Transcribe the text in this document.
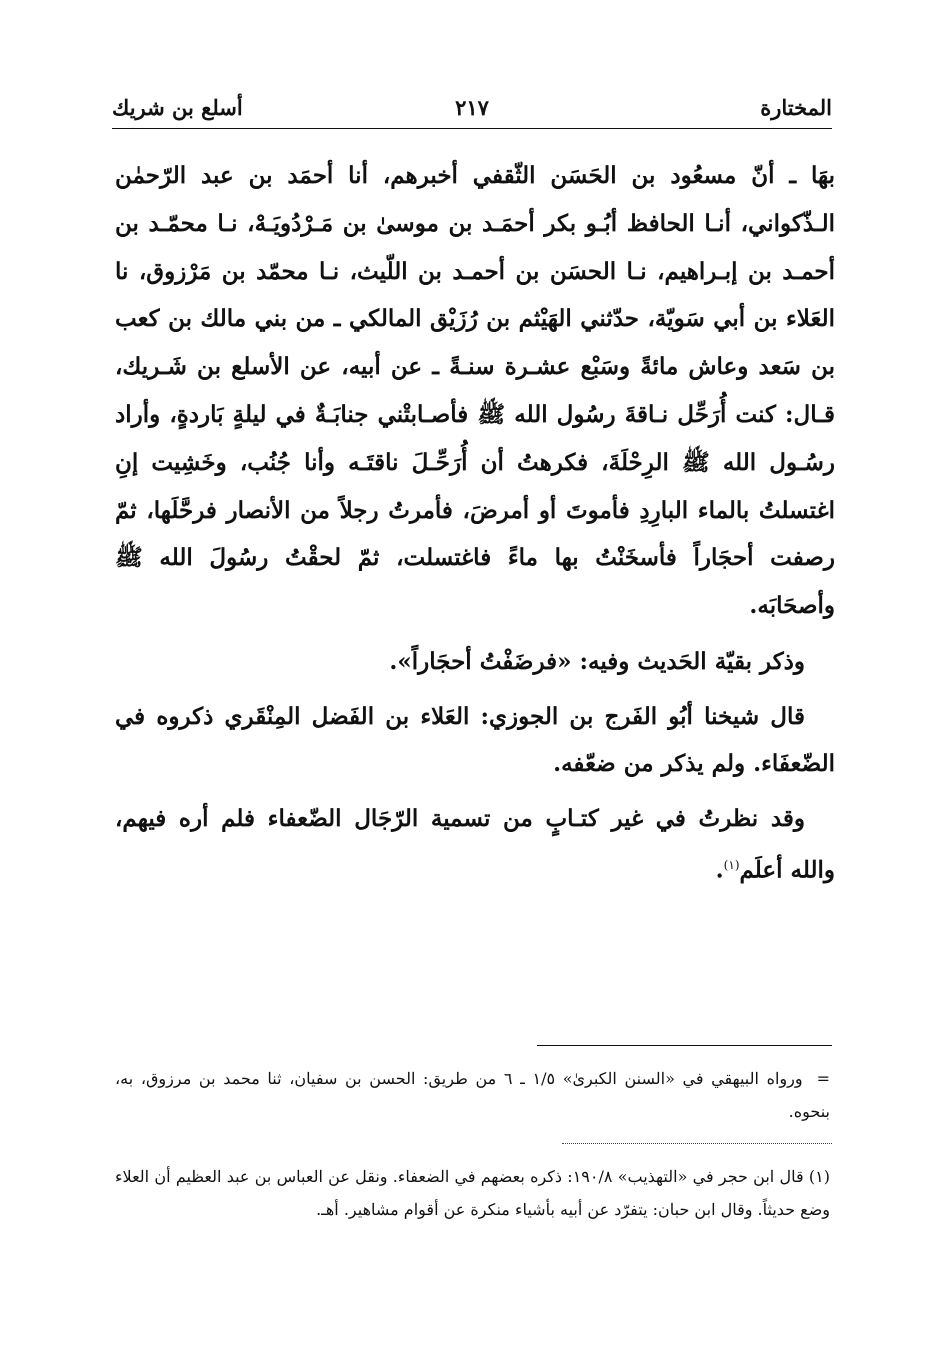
المختارة
٢١٧
أسلع بن شريك

بهَا ـ أنّ مسعُود بن الحَسَن الثّقفي أخبرهم، أنا أحمَد بن عبد الرّحمٰن الـذّكواني، أنـا الحافظ أبُـو بكر أحمَـد بن موسىٰ بن مَـرْدُويَـهْ، نـا محمّـد بن أحمـد بن إبـراهيم، نـا الحسَن بن أحمـد بن اللّيث، نـا محمّد بن مَرْزوق، نا العَلاء بن أبي سَويّة، حدّثني الهَيْثم بن رُزَيْق المالكي ـ من بني مالك بن كعب بن سَعد وعاش مائةً وسَبْع عشـرة سنـةً ـ عن أبيه، عن الأسلع بن شَـريك، قـال: كنت أُرَحِّل نـاقةَ رسُول الله ﷺ فأصـابتْني جنابَـةٌ في ليلةٍ بَاردةٍ، وأراد رسُـول الله ﷺ الرِحْلَةَ، فكرهتُ أن أُرَحِّـلَ ناقتَـه وأنا جُنُب، وخَشِيت إنِ اغتسلتُ بالماء البارِدِ فأموتَ أو أمرضَ، فأمرتُ رجلاً من الأنصار فرحَّلَها، ثمّ رصفت أحجَاراً فأسخَنْتُ بها ماءً فاغتسلت، ثمّ لحقْتُ رسُولَ الله ﷺ وأصحَابَه.

وذكر بقيّة الحَديث وفيه: «فرضَفْتُ أحجَاراً».

قال شيخنا أبُو الفَرج بن الجوزي: العَلاء بن الفَضل المِنْقَري ذكروه في الضّعفَاء. ولم يذكر من ضعّفه.

وقد نظرتُ في غير كتـابٍ من تسمية الرّجَال الضّعفاء فلم أره فيهم، والله أعلَم$^{(١)}$.

=ورواه البيهقي في «السنن الكبرىٰ» ١/٥ ـ ٦ من طريق: الحسن بن سفيان، ثنا محمد بن مرزوق، به، بنحوه.
(١) قال ابن حجر في «التهذيب» ١٩٠/٨: ذكره بعضهم في الضعفاء. ونقل عن العباس بن عبد العظيم أن العلاء وضع حديثاً. وقال ابن حبان: يتفرّد عن أبيه بأشياء منكرة عن أقوام مشاهير. أهـ.
